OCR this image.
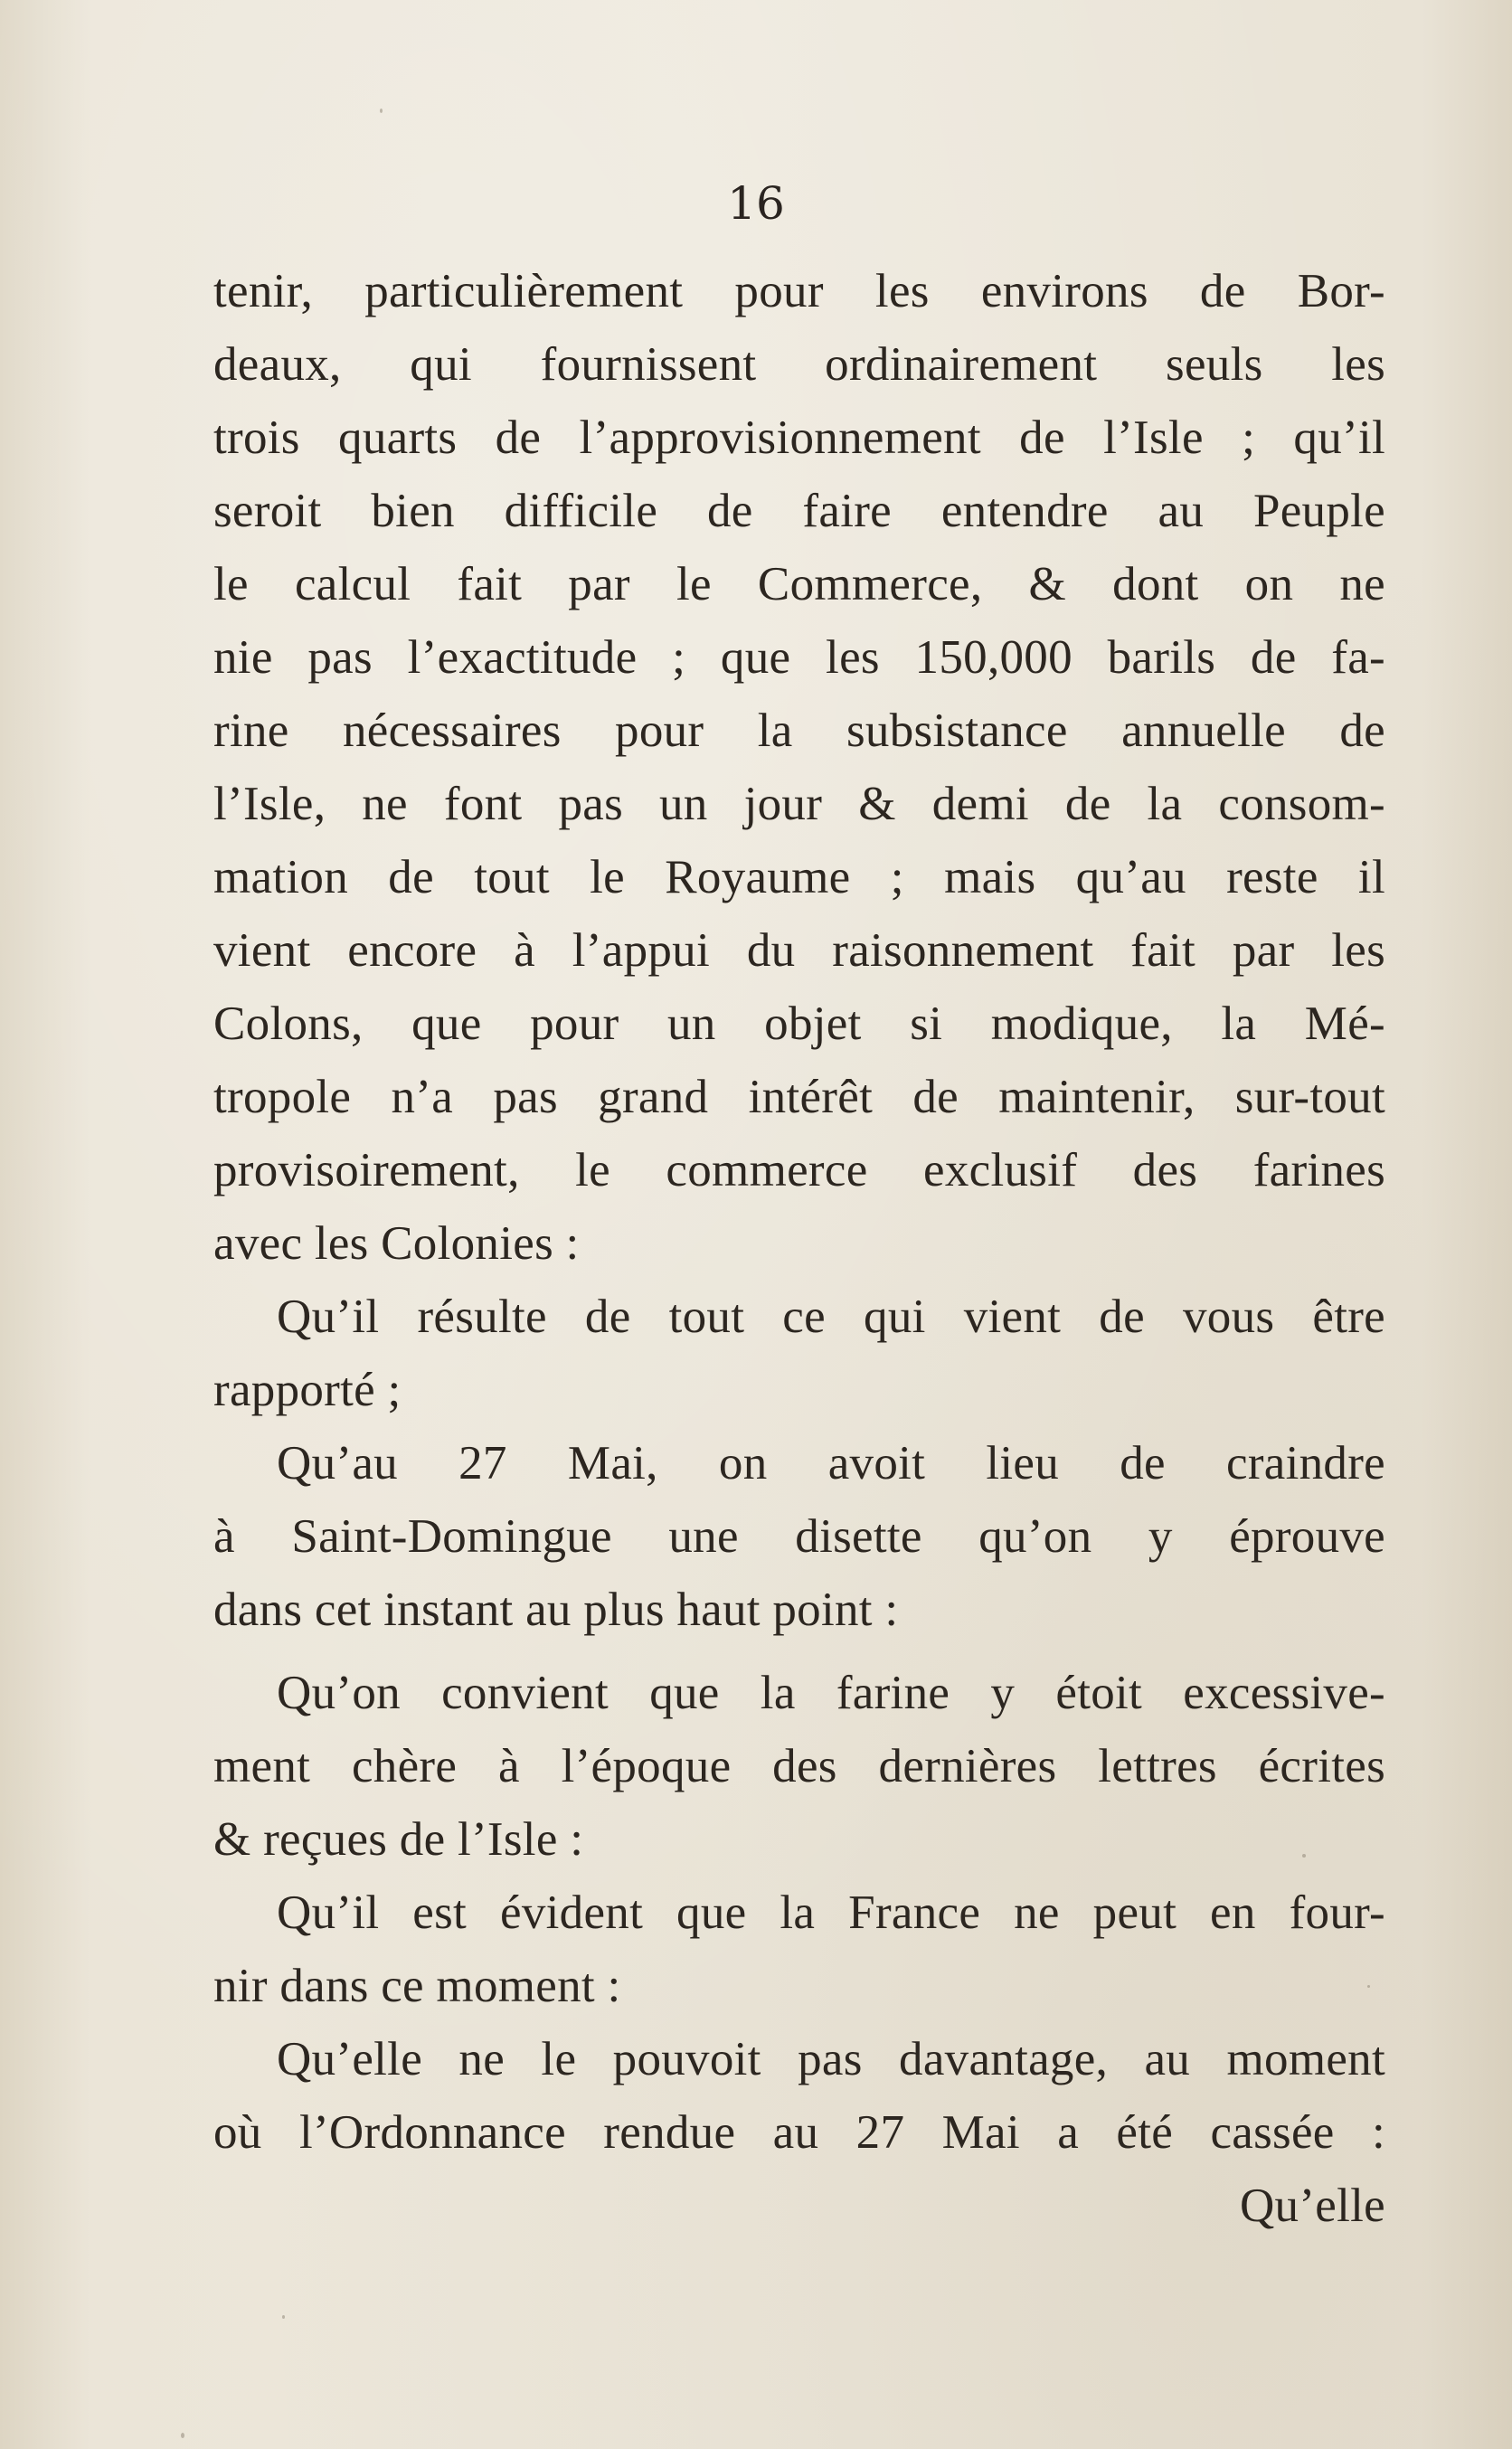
16
tenir, particulièrement pour les environs de Bor-
deaux, qui fournissent ordinairement seuls les
trois quarts de l’approvisionnement de l’Isle ; qu’il
seroit bien difficile de faire entendre au Peuple
le calcul fait par le Commerce, & dont on ne
nie pas l’exactitude ; que les 150,000 barils de fa-
rine nécessaires pour la subsistance annuelle de
l’Isle, ne font pas un jour & demi de la consom-
mation de tout le Royaume ; mais qu’au reste il
vient encore à l’appui du raisonnement fait par les
Colons, que pour un objet si modique, la Mé-
tropole n’a pas grand intérêt de maintenir, sur-tout
provisoirement, le commerce exclusif des farines
avec les Colonies :
Qu’il résulte de tout ce qui vient de vous être
rapporté ;
Qu’au 27 Mai, on avoit lieu de craindre
à Saint-Domingue une disette qu’on y éprouve
dans cet instant au plus haut point :
Qu’on convient que la farine y étoit excessive-
ment chère à l’époque des dernières lettres écrites
& reçues de l’Isle :
Qu’il est évident que la France ne peut en four-
nir dans ce moment :
Qu’elle ne le pouvoit pas davantage, au moment
où l’Ordonnance rendue au 27 Mai a été cassée :
Qu’elle
